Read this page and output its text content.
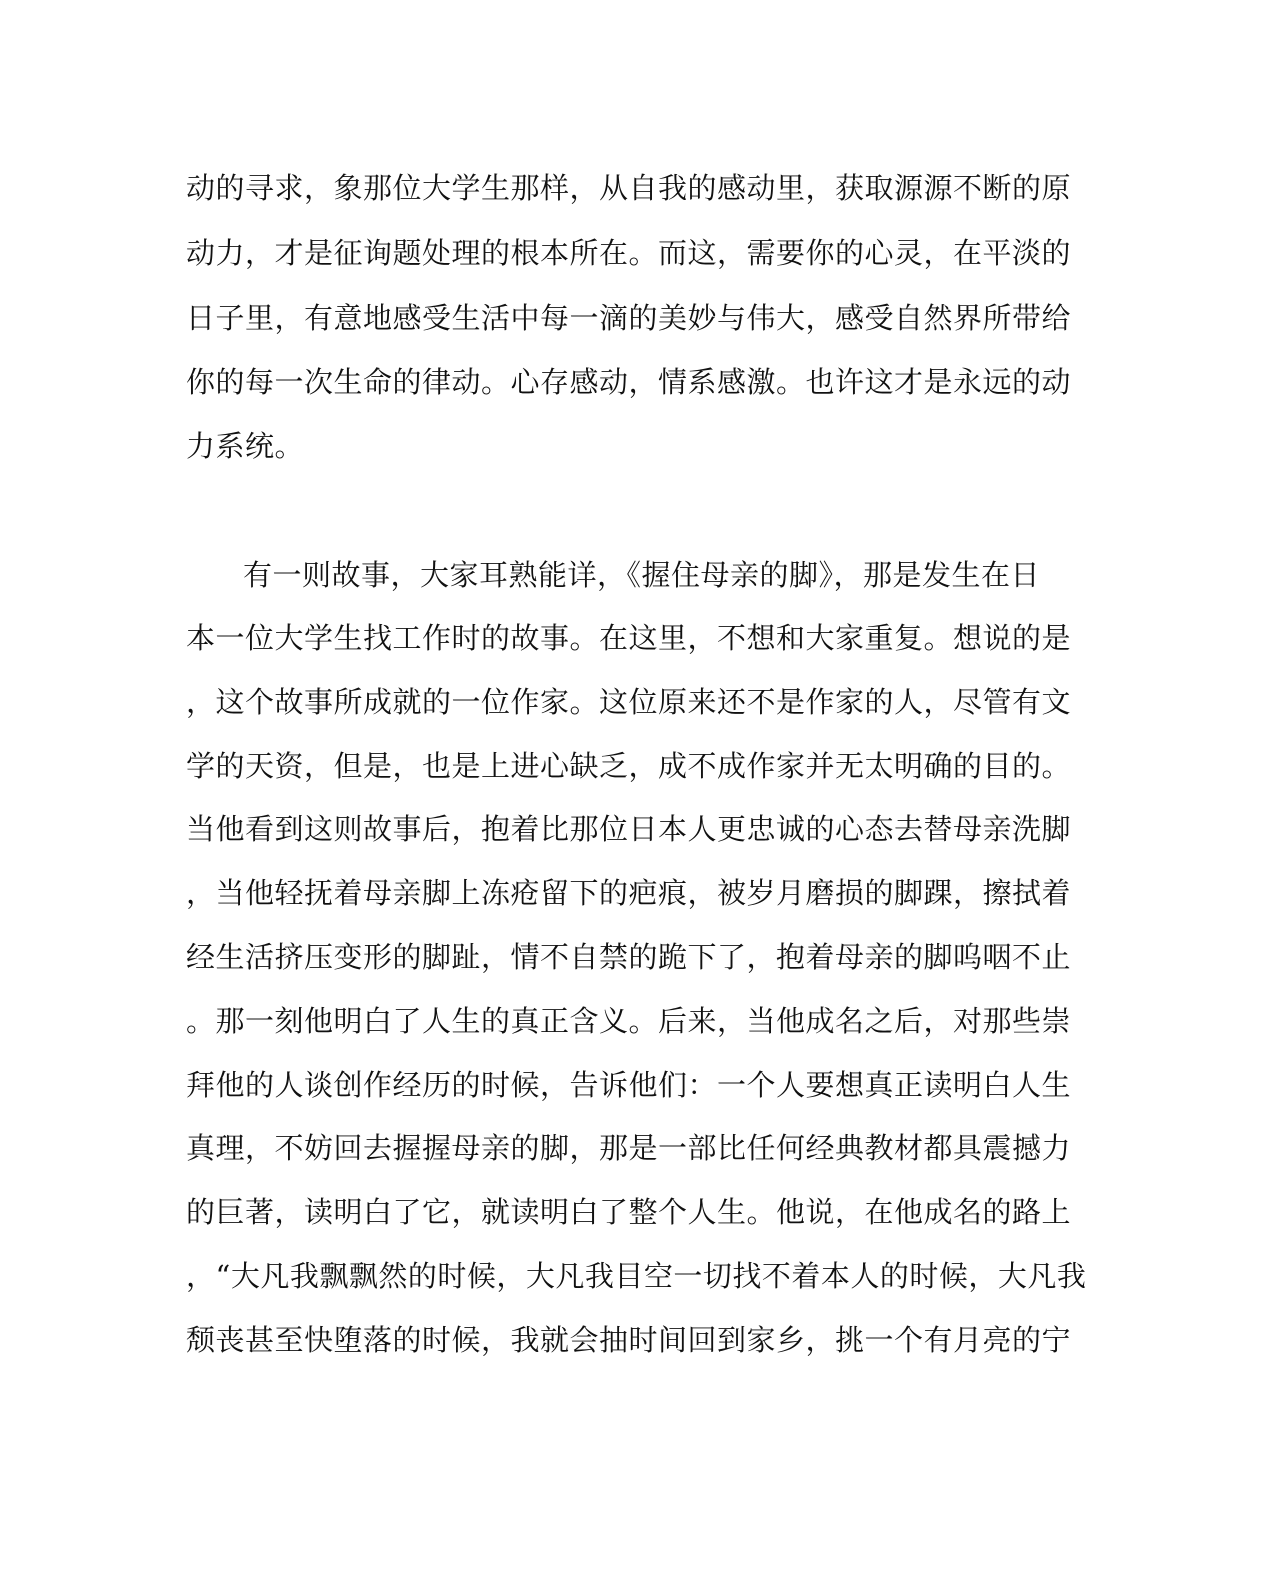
动的寻求，象那位大学生那样，从自我的感动里，获取源源不断的原
动力，才是征询题处理的根本所在。而这，需要你的心灵，在平淡的
日子里，有意地感受生活中每一滴的美妙与伟大，感受自然界所带给
你的每一次生命的律动。心存感动，情系感激。也许这才是永远的动
力系统。
有一则故事，大家耳熟能详，《握住母亲的脚》，那是发生在日
本一位大学生找工作时的故事。在这里，不想和大家重复。想说的是
，这个故事所成就的一位作家。这位原来还不是作家的人，尽管有文
学的天资，但是，也是上进心缺乏，成不成作家并无太明确的目的。
当他看到这则故事后，抱着比那位日本人更忠诚的心态去替母亲洗脚
，当他轻抚着母亲脚上冻疮留下的疤痕，被岁月磨损的脚踝，擦拭着
经生活挤压变形的脚趾，情不自禁的跪下了，抱着母亲的脚呜咽不止
。那一刻他明白了人生的真正含义。后来，当他成名之后，对那些崇
拜他的人谈创作经历的时候，告诉他们：一个人要想真正读明白人生
真理，不妨回去握握母亲的脚，那是一部比任何经典教材都具震撼力
的巨著，读明白了它，就读明白了整个人生。他说，在他成名的路上
，“大凡我飘飘然的时候，大凡我目空一切找不着本人的时候，大凡我
颓丧甚至快堕落的时候，我就会抽时间回到家乡，挑一个有月亮的宁
